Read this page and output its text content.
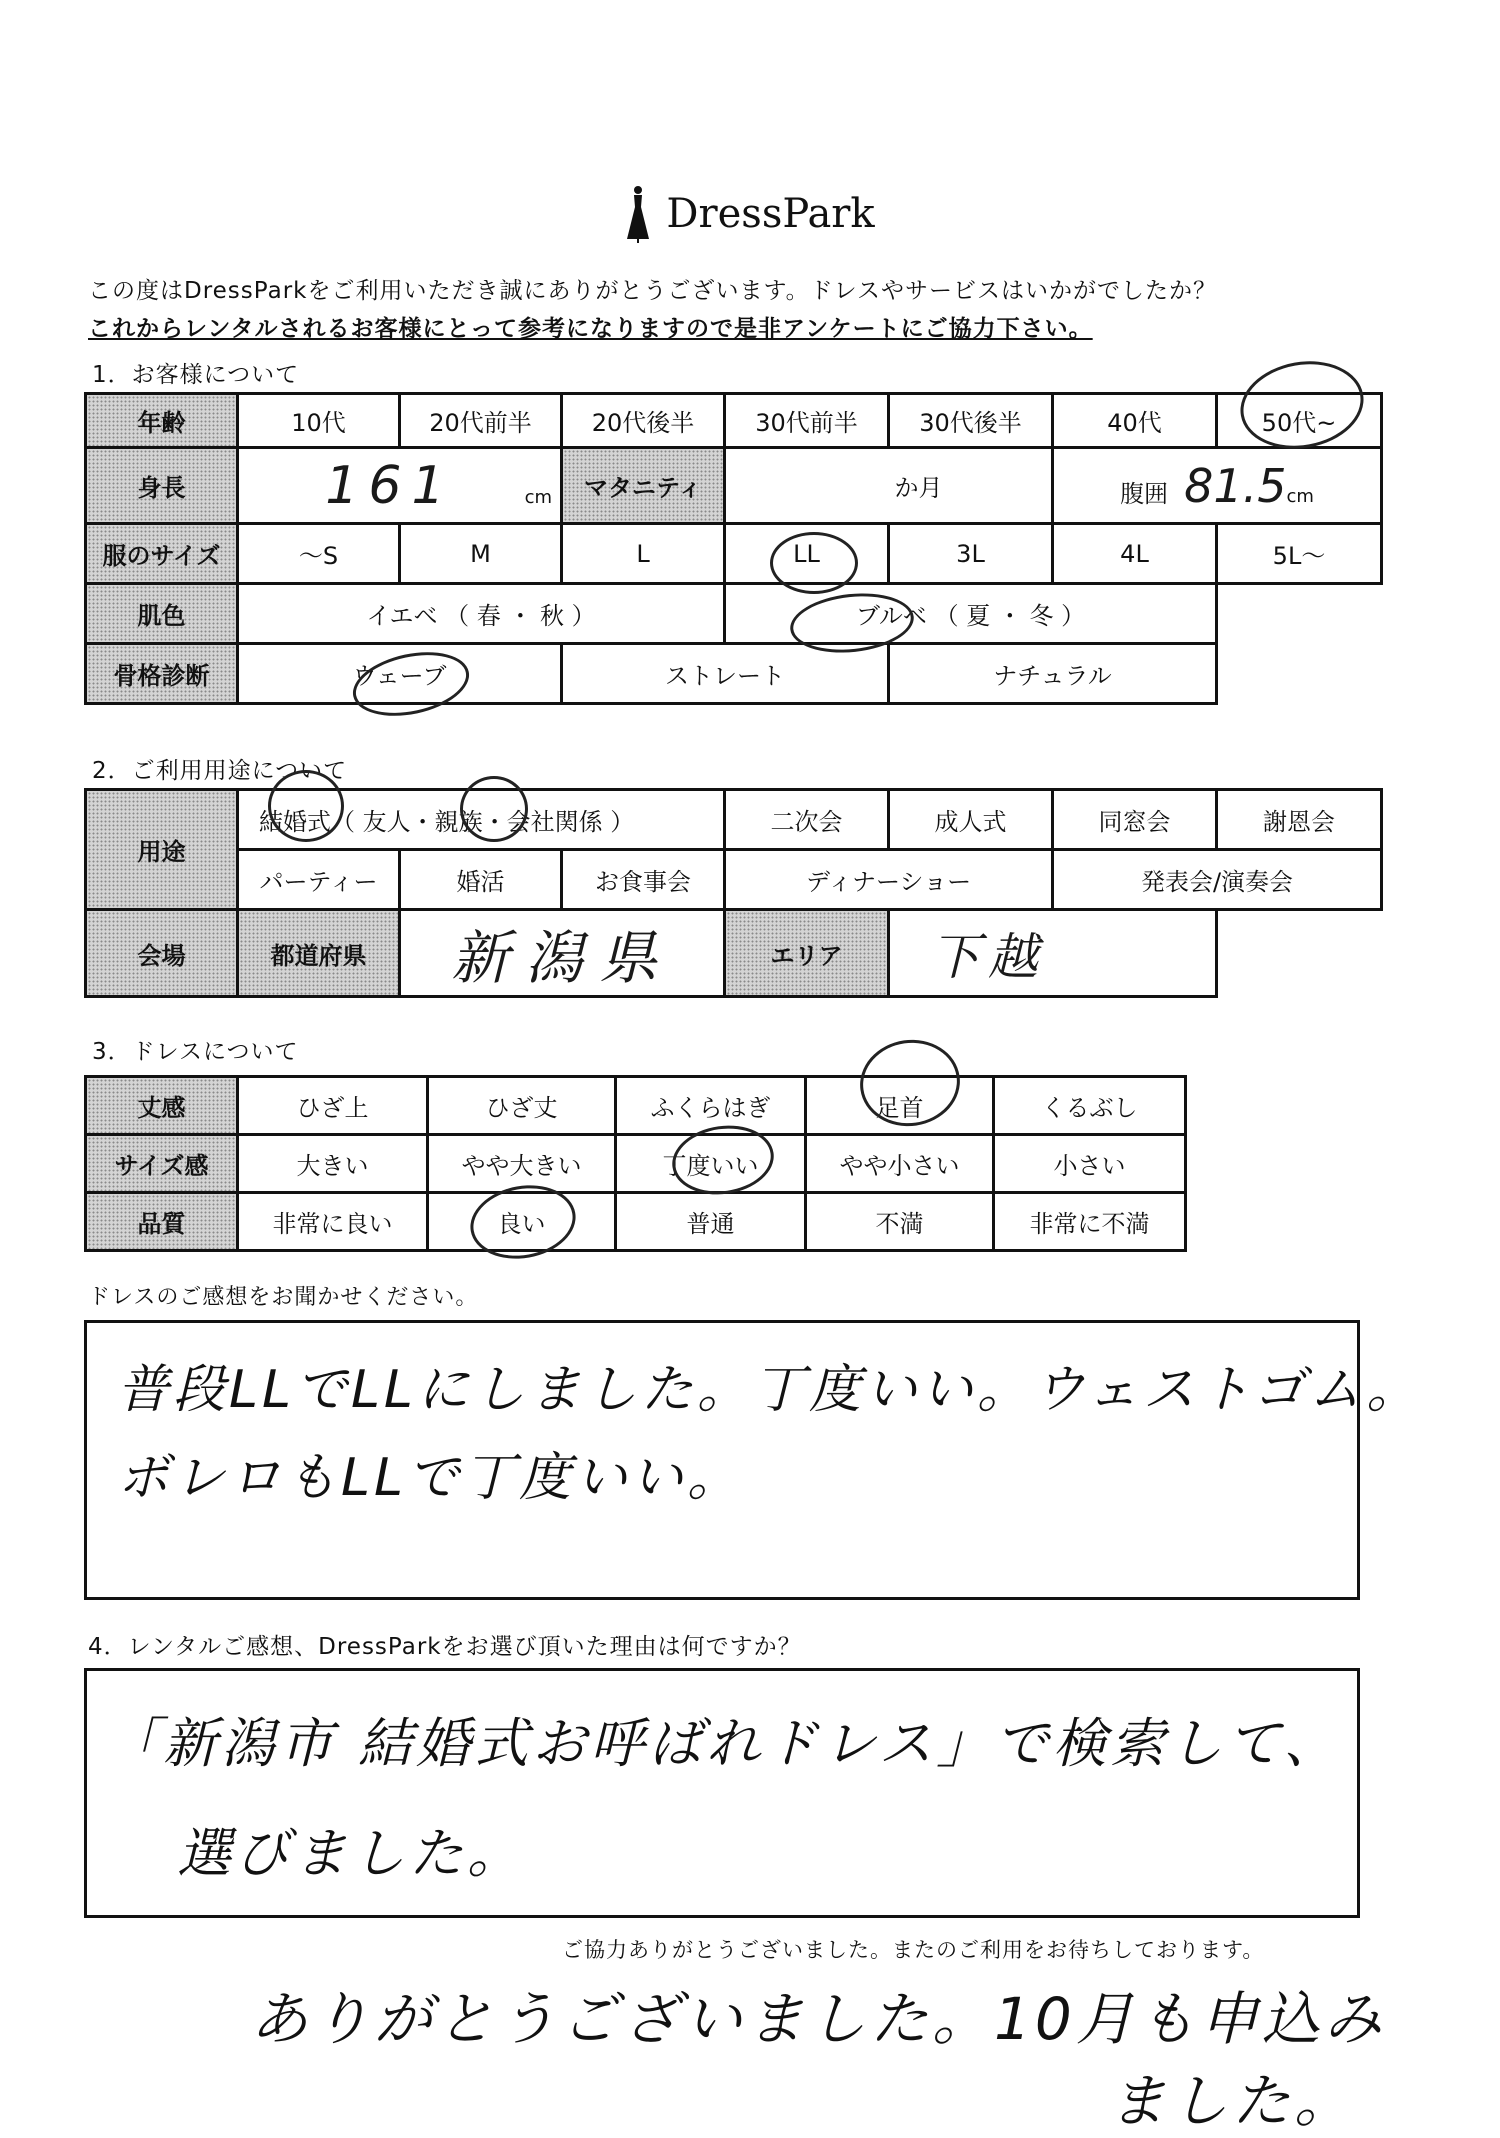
DressPark
この度はDressParkをご利用いただき誠にありがとうございます。ドレスやサービスはいかがでしたか？
これからレンタルされるお客様にとって参考になりますので是非アンケートにご協力下さい。
1．お客様について
年齢	10代	20代前半	20代後半	30代前半	30代後半	40代	50代~
身長	161 cm		マタニティ	か月		腹囲 81.5cm	
服のサイズ	～S	M	L	LL	3L	4L	5L～
肌色	イエベ （ 春 ・ 秋 ）			ブルベ （ 夏 ・ 冬 ）			
骨格診断	ウェーブ		ストレート		ナチュラル		
2．ご利用用途について
用途	結婚式（ 友人・親族・会社関係 ）			二次会	成人式	同窓会	謝恩会
	パーティー	婚活	お食事会	ディナーショー		発表会/演奏会	
会場	都道府県	新潟県		エリア	下越		
3．ドレスについて
丈感	ひざ上	ひざ丈	ふくらはぎ	足首	くるぶし
サイズ感	大きい	やや大きい	丁度いい	やや小さい	小さい
品質	非常に良い	良い	普通	不満	非常に不満
ドレスのご感想をお聞かせください。
普段LLでLLにしました。丁度いい。ウェストゴム。
ボレロもLLで丁度いい。
4．レンタルご感想、DressParkをお選び頂いた理由は何ですか？
「新潟市 結婚式お呼ばれドレス」で検索して、
選びました。
ご協力ありがとうございました。またのご利用をお待ちしております。
ありがとうございました。10月も申込み
ました。
